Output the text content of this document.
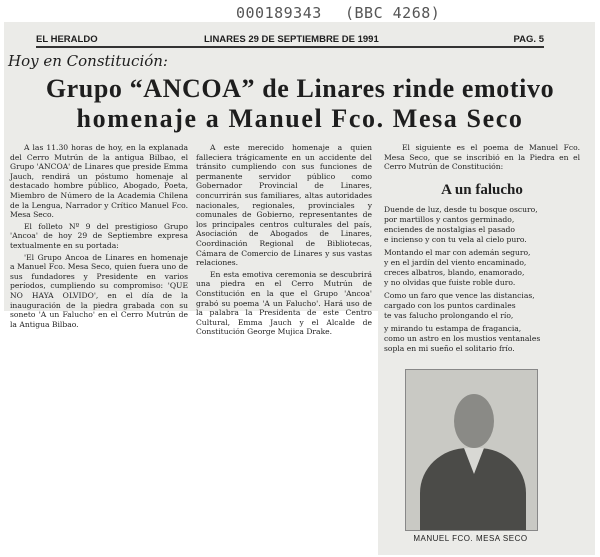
000189343 (BBC 4268)
EL HERALDO	LINARES 29 DE SEPTIEMBRE DE 1991	PAG. 5
Hoy en Constitución:
Grupo “ANCOA” de Linares rinde emotivo
homenaje a Manuel Fco. Mesa Seco

A las 11.30 horas de hoy, en la explanada del Cerro Mutrún de la antigua Bilbao, el Grupo 'ANCOA' de Linares que preside Emma Jauch, rendirá un póstumo homenaje al destacado hombre público, Abogado, Poeta, Miembro de Número de la Academia Chilena de la Lengua, Narrador y Crítico Manuel Fco. Mesa Seco.

El folleto Nº 9 del prestigioso Grupo 'Ancoa' de hoy 29 de Septiembre expresa textualmente en su portada:

'El Grupo Ancoa de Linares en homenaje a Manuel Fco. Mesa Seco, quien fuera uno de sus fundadores y Presidente en varios períodos, cumpliendo su compromiso: 'QUE NO HAYA OLVIDO', en el día de la inauguración de la piedra grabada con su soneto 'A un Falucho' en el Cerro Mutrún de la Antigua Bilbao.

A este merecido homenaje a quien falleciera trágicamente en un accidente del tránsito cumpliendo con sus funciones de permanente servidor público como Gobernador Provincial de Linares, concurrirán sus familiares, altas autoridades nacionales, regionales, provinciales y comunales de Gobierno, representantes de los principales centros culturales del país, Asociación de Abogados de Linares, Coordinación Regional de Bibliotecas, Cámara de Comercio de Linares y sus vastas relaciones.

En esta emotiva ceremonia se descubrirá una piedra en el Cerro Mutrún de Constitución en la que el Grupo 'Ancoa' grabó su poema 'A un Falucho'. Hará uso de la palabra la Presidenta de este Centro Cultural, Emma Jauch y el Alcalde de Constitución George Mujica Drake.

El siguiente es el poema de Manuel Fco. Mesa Seco, que se inscribió en la Piedra en el Cerro Mutrún de Constitución:
A un falucho
Duende de luz, desde tu bosque oscuro,
por martillos y cantos germinado,
enciendes de nostalgias el pasado
e incienso y con tu vela al cielo puro.
Montando el mar con ademán seguro,
y en el jardín del viento encaminado,
creces albatros, blando, enamorado,
y no olvidas que fuiste roble duro.
Como un faro que vence las distancias,
cargado con los puntos cardinales
te vas falucho prolongando el río,
y mirando tu estampa de fragancia,
como un astro en los mustios ventanales
sopla en mi sueño el solitario frío.
MANUEL FCO. MESA SECO
